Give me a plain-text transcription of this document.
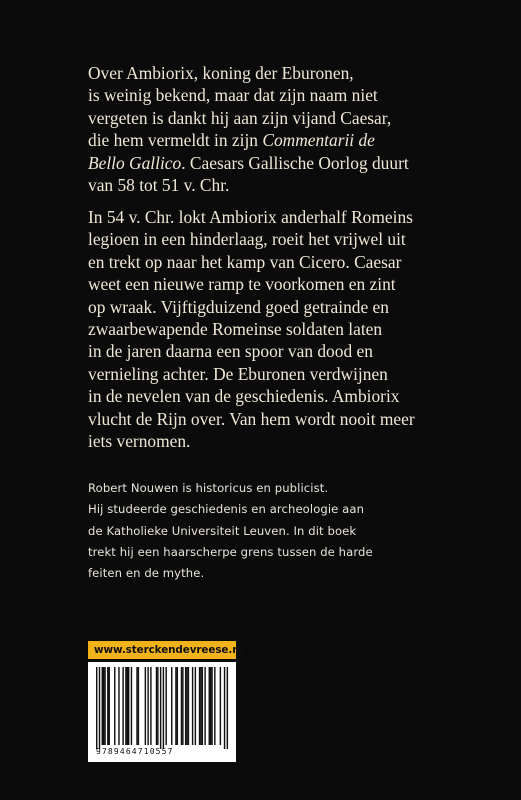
Over Ambiorix, koning der Eburonen,
is weinig bekend, maar dat zijn naam niet
vergeten is dankt hij aan zijn vijand Caesar,
die hem vermeldt in zijn Commentarii de
Bello Gallico. Caesars Gallische Oorlog duurt
van 58 tot 51 v. Chr.
In 54 v. Chr. lokt Ambiorix anderhalf Romeins
legioen in een hinderlaag, roeit het vrijwel uit
en trekt op naar het kamp van Cicero. Caesar
weet een nieuwe ramp te voorkomen en zint
op wraak. Vijftigduizend goed getrainde en
zwaarbewapende Romeinse soldaten laten
in de jaren daarna een spoor van dood en
vernieling achter. De Eburonen verdwijnen
in de nevelen van de geschiedenis. Ambiorix
vlucht de Rijn over. Van hem wordt nooit meer
iets vernomen.
Robert Nouwen is historicus en publicist.
Hij studeerde geschiedenis en archeologie aan
de Katholieke Universiteit Leuven. In dit boek
trekt hij een haarscherpe grens tussen de harde
feiten en de mythe.
www.sterckendevreese.nl
9789464710557
